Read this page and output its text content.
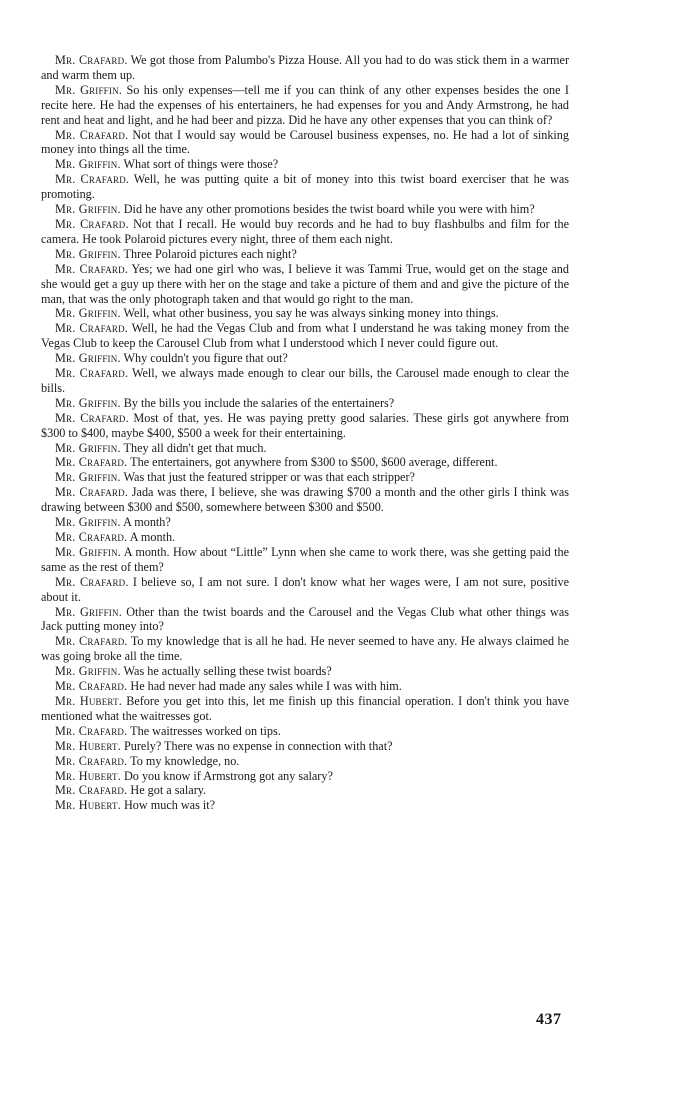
Mr. Crafard. We got those from Palumbo's Pizza House. All you had to do was stick them in a warmer and warm them up.

Mr. Griffin. So his only expenses—tell me if you can think of any other expenses besides the one I recite here. He had the expenses of his entertainers, he had expenses for you and Andy Armstrong, he had rent and heat and light, and he had beer and pizza. Did he have any other expenses that you can think of?

Mr. Crafard. Not that I would say would be Carousel business expenses, no. He had a lot of sinking money into things all the time.

Mr. Griffin. What sort of things were those?

Mr. Crafard. Well, he was putting quite a bit of money into this twist board exerciser that he was promoting.

Mr. Griffin. Did he have any other promotions besides the twist board while you were with him?

Mr. Crafard. Not that I recall. He would buy records and he had to buy flashbulbs and film for the camera. He took Polaroid pictures every night, three of them each night.

Mr. Griffin. Three Polaroid pictures each night?

Mr. Crafard. Yes; we had one girl who was, I believe it was Tammi True, would get on the stage and she would get a guy up there with her on the stage and take a picture of them and and give the picture of the man, that was the only photograph taken and that would go right to the man.

Mr. Griffin. Well, what other business, you say he was always sinking money into things.

Mr. Crafard. Well, he had the Vegas Club and from what I understand he was taking money from the Vegas Club to keep the Carousel Club from what I understood which I never could figure out.

Mr. Griffin. Why couldn't you figure that out?

Mr. Crafard. Well, we always made enough to clear our bills, the Carousel made enough to clear the bills.

Mr. Griffin. By the bills you include the salaries of the entertainers?

Mr. Crafard. Most of that, yes. He was paying pretty good salaries. These girls got anywhere from $300 to $400, maybe $400, $500 a week for their entertaining.

Mr. Griffin. They all didn't get that much.

Mr. Crafard. The entertainers, got anywhere from $300 to $500, $600 average, different.

Mr. Griffin. Was that just the featured stripper or was that each stripper?

Mr. Crafard. Jada was there, I believe, she was drawing $700 a month and the other girls I think was drawing between $300 and $500, somewhere between $300 and $500.

Mr. Griffin. A month?

Mr. Crafard. A month.

Mr. Griffin. A month. How about “Little” Lynn when she came to work there, was she getting paid the same as the rest of them?

Mr. Crafard. I believe so, I am not sure. I don't know what her wages were, I am not sure, positive about it.

Mr. Griffin. Other than the twist boards and the Carousel and the Vegas Club what other things was Jack putting money into?

Mr. Crafard. To my knowledge that is all he had. He never seemed to have any. He always claimed he was going broke all the time.

Mr. Griffin. Was he actually selling these twist boards?

Mr. Crafard. He had never had made any sales while I was with him.

Mr. Hubert. Before you get into this, let me finish up this financial operation. I don't think you have mentioned what the waitresses got.

Mr. Crafard. The waitresses worked on tips.

Mr. Hubert. Purely? There was no expense in connection with that?

Mr. Crafard. To my knowledge, no.

Mr. Hubert. Do you know if Armstrong got any salary?

Mr. Crafard. He got a salary.

Mr. Hubert. How much was it?

437
